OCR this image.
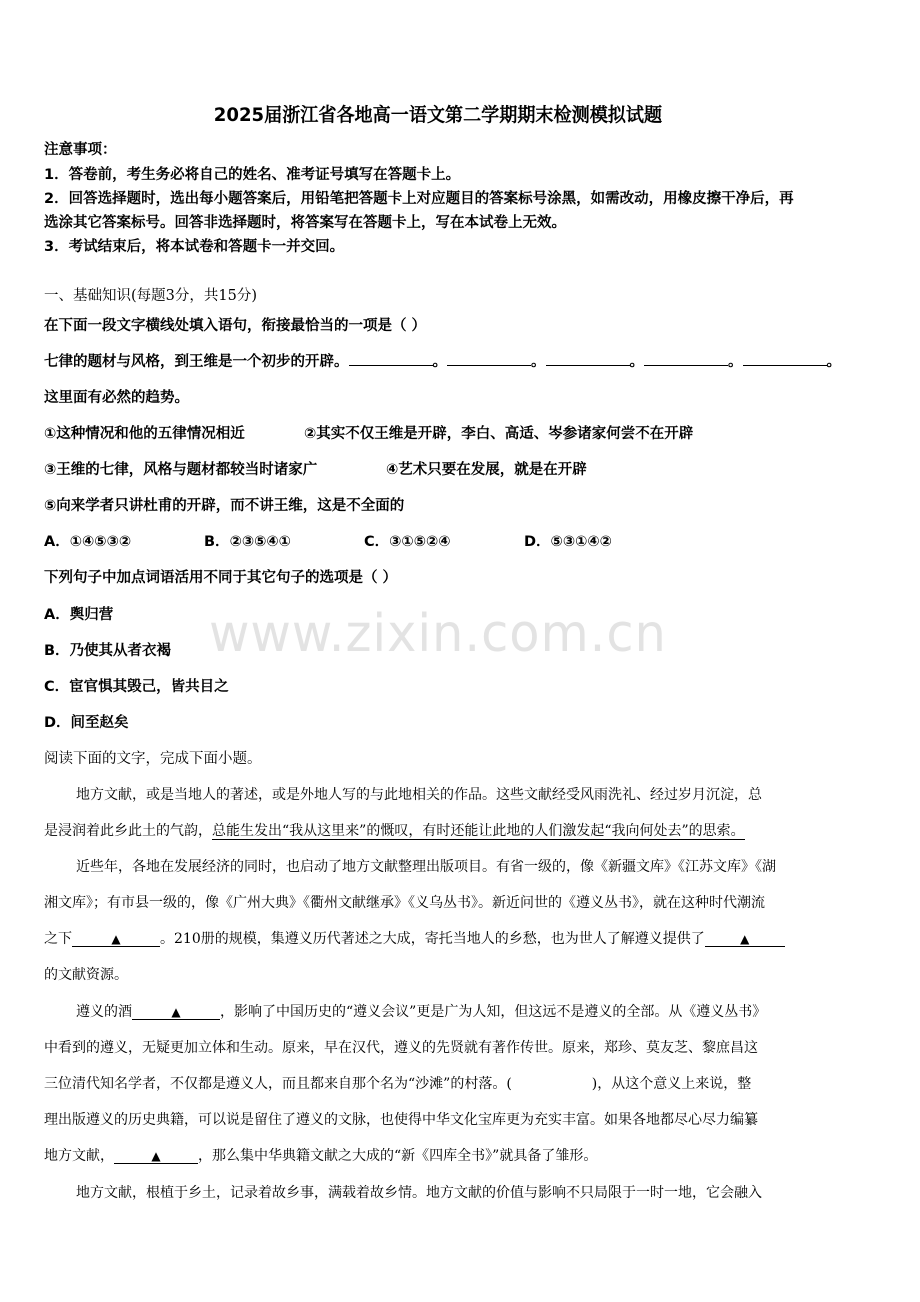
www.zixin.com.cn
2025届浙江省各地高一语文第二学期期末检测模拟试题
注意事项：
1．答卷前，考生务必将自己的姓名、准考证号填写在答题卡上。
2．回答选择题时，选出每小题答案后，用铅笔把答题卡上对应题目的答案标号涂黑，如需改动，用橡皮擦干净后，再
选涂其它答案标号。回答非选择题时，将答案写在答题卡上，写在本试卷上无效。
3．考试结束后，将本试卷和答题卡一并交回。
一、基础知识(每题3分，共15分)
在下面一段文字横线处填入语句，衔接最恰当的一项是（ ）
七律的题材与风格，到王维是一个初步的开辟。	。	。	。	。	。
这里面有必然的趋势。
①这种情况和他的五律情况相近	②其实不仅王维是开辟，李白、高适、岑参诸家何尝不在开辟
③王维的七律，风格与题材都较当时诸家广	④艺术只要在发展，就是在开辟
⑤向来学者只讲杜甫的开辟，而不讲王维，这是不全面的
A．①④⑤③②	B．②③⑤④①	C．③①⑤②④	D．⑤③①④②
下列句子中加点词语活用不同于其它句子的选项是（ ）
A．舆归营
B．乃使其从者衣褐
C．宦官惧其毁己，皆共目之
D．间至赵矣
阅读下面的文字，完成下面小题。
地方文献，或是当地人的著述，或是外地人写的与此地相关的作品。这些文献经受风雨洗礼、经过岁月沉淀，总
是浸润着此乡此土的气韵，总能生发出“我从这里来”的慨叹，有时还能让此地的人们激发起“我向何处去”的思索。
近些年，各地在发展经济的同时，也启动了地方文献整理出版项目。有省一级的，像《新疆文库》《江苏文库》《湖
湘文库》；有市县一级的，像《广州大典》《衢州文献继承》《义乌丛书》。新近问世的《遵义丛书》，就在这种时代潮流
之下	▲	。210册的规模，集遵义历代著述之大成，寄托当地人的乡愁，也为世人了解遵义提供了	▲
的文献资源。
遵义的酒	▲	，影响了中国历史的“遵义会议”更是广为人知，但这远不是遵义的全部。从《遵义丛书》
中看到的遵义，无疑更加立体和生动。原来，早在汉代，遵义的先贤就有著作传世。原来，郑珍、莫友芝、黎庶昌这
三位清代知名学者，不仅都是遵义人，而且都来自那个名为“沙滩”的村落。(	)，从这个意义上来说，整
理出版遵义的历史典籍，可以说是留住了遵义的文脉，也使得中华文化宝库更为充实丰富。如果各地都尽心尽力编纂
地方文献，	▲	，那么集中华典籍文献之大成的“新《四库全书》”就具备了雏形。
地方文献，根植于乡土，记录着故乡事，满载着故乡情。地方文献的价值与影响不只局限于一时一地，它会融入
